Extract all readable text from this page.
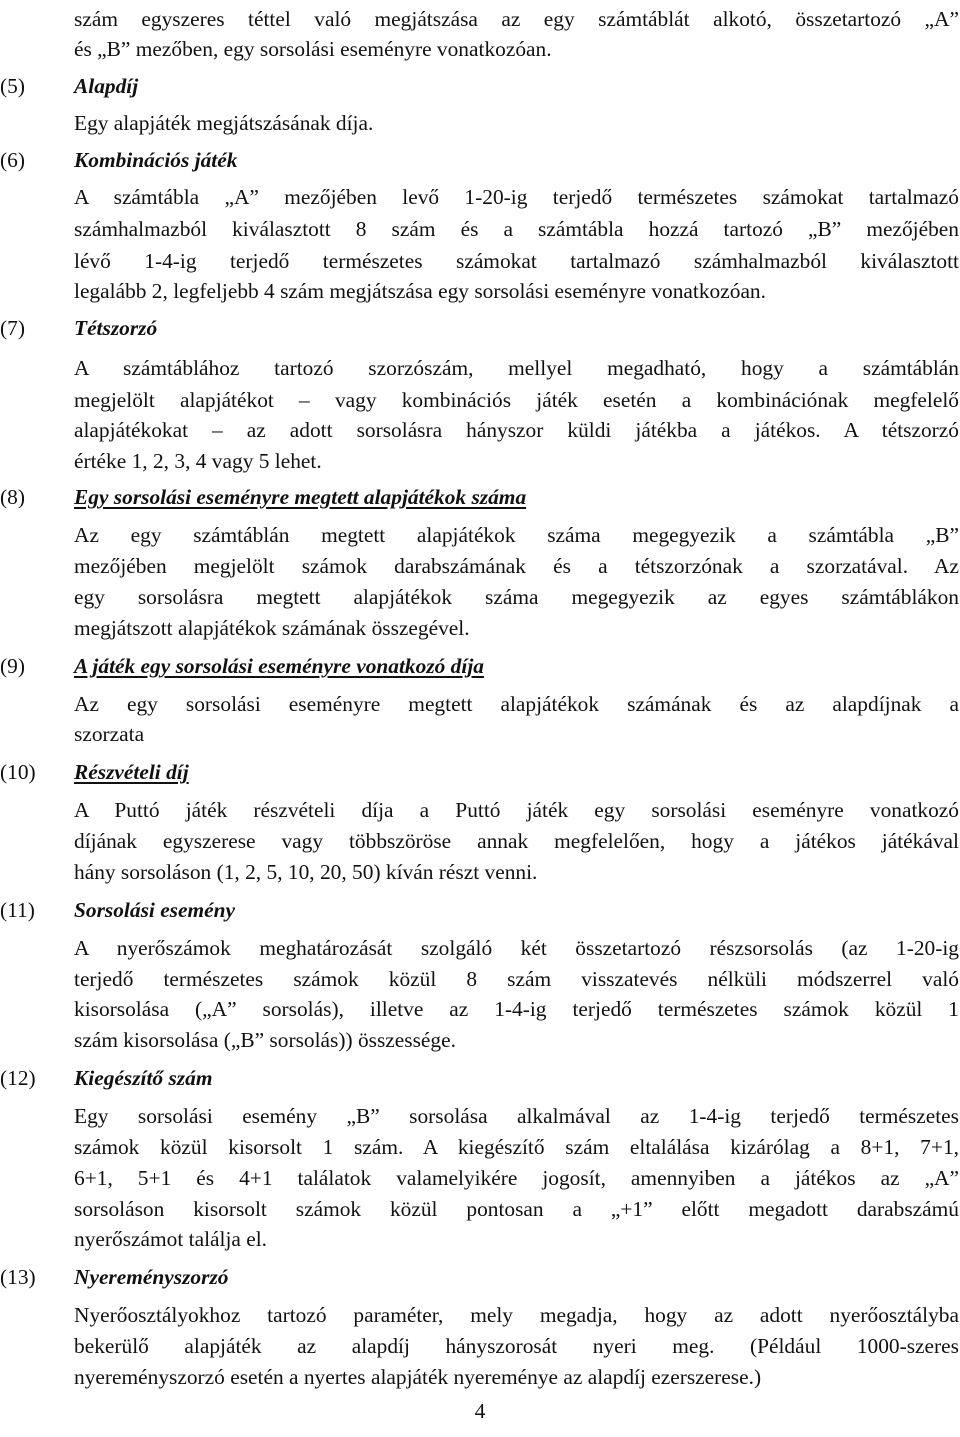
szám egyszeres téttel való megjátszása az egy számtáblát alkotó, összetartozó „A”
és „B” mezőben, egy sorsolási eseményre vonatkozóan.
(5) Alapdíj
Egy alapjáték megjátszásának díja.
(6) Kombinációs játék
A számtábla „A” mezőjében levő 1-20-ig terjedő természetes számokat tartalmazó
számhalmazból kiválasztott 8 szám és a számtábla hozzá tartozó „B” mezőjében
lévő 1-4-ig terjedő természetes számokat tartalmazó számhalmazból kiválasztott
legalább 2, legfeljebb 4 szám megjátszása egy sorsolási eseményre vonatkozóan.
(7) Tétszorzó
A számtáblához tartozó szorzószám, mellyel megadható, hogy a számtáblán
megjelölt alapjátékot – vagy kombinációs játék esetén a kombinációnak megfelelő
alapjátékokat – az adott sorsolásra hányszor küldi játékba a játékos. A tétszorzó
értéke 1, 2, 3, 4 vagy 5 lehet.
(8) Egy sorsolási eseményre megtett alapjátékok száma
Az egy számtáblán megtett alapjátékok száma megegyezik a számtábla „B”
mezőjében megjelölt számok darabszámának és a tétszorzónak a szorzatával. Az
egy sorsolásra megtett alapjátékok száma megegyezik az egyes számtáblákon
megjátszott alapjátékok számának összegével.
(9) A játék egy sorsolási eseményre vonatkozó díja
Az egy sorsolási eseményre megtett alapjátékok számának és az alapdíjnak a
szorzata
(10) Részvételi díj
A Puttó játék részvételi díja a Puttó játék egy sorsolási eseményre vonatkozó
díjának egyszerese vagy többszöröse annak megfelelően, hogy a játékos játékával
hány sorsoláson (1, 2, 5, 10, 20, 50) kíván részt venni.
(11) Sorsolási esemény
A nyerőszámok meghatározását szolgáló két összetartozó részsorsolás (az 1-20-ig
terjedő természetes számok közül 8 szám visszatevés nélküli módszerrel való
kisorsolása („A” sorsolás), illetve az 1-4-ig terjedő természetes számok közül 1
szám kisorsolása („B” sorsolás)) összessége.
(12) Kiegészítő szám
Egy sorsolási esemény „B” sorsolása alkalmával az 1-4-ig terjedő természetes
számok közül kisorsolt 1 szám. A kiegészítő szám eltalálása kizárólag a 8+1, 7+1,
6+1, 5+1 és 4+1 találatok valamelyikére jogosít, amennyiben a játékos az „A”
sorsoláson kisorsolt számok közül pontosan a „+1” előtt megadott darabszámú
nyerőszámot találja el.
(13) Nyereményszorzó
Nyerőosztályokhoz tartozó paraméter, mely megadja, hogy az adott nyerőosztályba
bekerülő alapjáték az alapdíj hányszorosát nyeri meg. (Például 1000-szeres
nyereményszorzó esetén a nyertes alapjáték nyereménye az alapdíj ezerszerese.)
4
